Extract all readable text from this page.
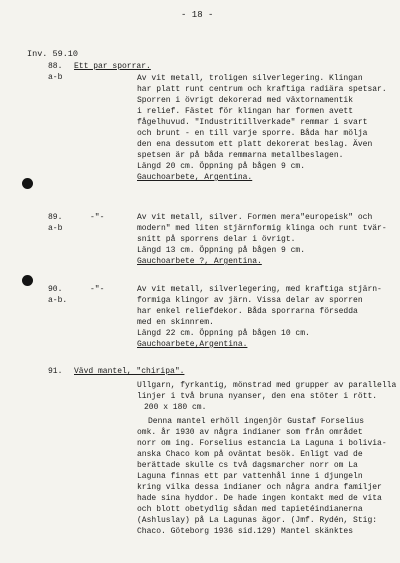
- 18 -
Inv. 59.10
88. Ett par sporrar.
a-b	Av vit metall, troligen silverlegering. Klingan
har platt runt centrum och kraftiga radiära spetsar.
Sporren i övrigt dekorerad med växtornamentik
i relief. Fästet för klingan har formen avett
fågelhuvud. "Industritillverkade" remmar i svart
och brunt - en till varje sporre. Båda har mölja
den ena dessutom ett platt dekorerat beslag. Även
spetsen är på båda remmarna metallbeslagen.
Längd 20 cm. Öppning på bågen 9 cm.
Gauchoarbete, Argentina.
89.	-"-
a-b
Av vit metall, silver. Formen mera"europeisk" och
modern" med liten stjärnformig klinga och runt tvär-
snitt på sporrens delar i övrigt.
Längd 13 cm. Öppning på bågen 9 cm.
Gauchoarbete ?, Argentina.
90.	-"-
a-b.
Av vit metall, silverlegering, med kraftiga stjärn-
formiga klingor av järn. Vissa delar av sporren
har enkel reliefdekor. Båda sporrarna försedda
med en skinnrem.
Längd 22 cm. Öppning på bågen 10 cm.
Gauchoarbete,Argentina.
91. Vävd mantel, "chiripa".
Ullgarn, fyrkantig, mönstrad med grupper av parallella
linjer i två bruna nyanser, den ena stöter i rött.
200 x 180 cm.
Denna mantel erhöll ingenjör Gustaf Forselius
omk. år 1930 av några indianer som från området
norr om ing. Forselius estancia La Laguna i bolivia-
anska Chaco kom på oväntat besök. Enligt vad de
berättade skulle cs två dagsmarcher norr om La
Laguna finnas ett par vattenhål inne i djungeln
kring vilka dessa indianer och några andra familjer
hade sina hyddor. De hade ingen kontakt med de vita
och blott obetydlig sådan med tapietéindianerna
(Ashluslay) på La Lagunas ägor. (Jmf. Rydén, Stig:
Chaco. Göteborg 1936 sid.129) Mantel skänktes
